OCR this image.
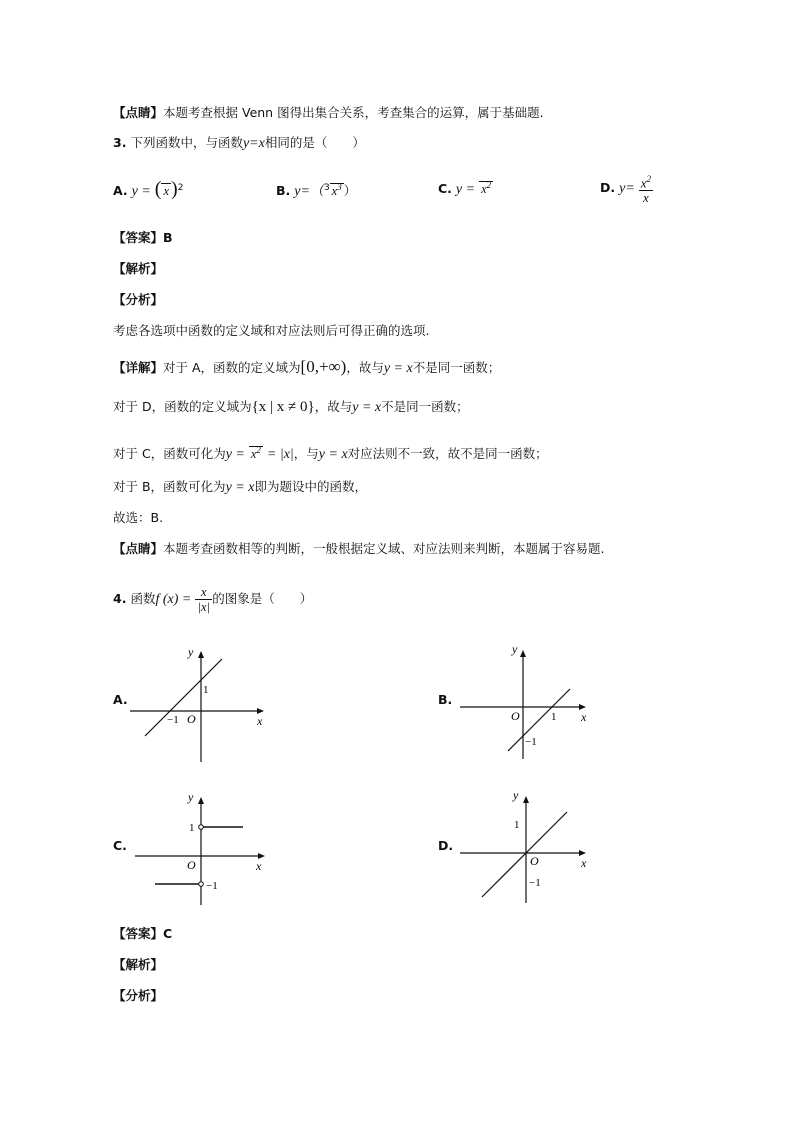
【点睛】本题考查根据 Venn 图得出集合关系，考查集合的运算，属于基础题.
3. 下列函数中，与函数y=x相同的是（　　）
A. y = ( x )$^2$	B. y=（$^3$ $x^3$ ）	C. $y = x^2$	D. $y= \frac{x^2}{x}$
【答案】B
【解析】
【分析】
考虑各选项中函数的定义域和对应法则后可得正确的选项.
【详解】对于 A，函数的定义域为[0,+∞)，故与y = x不是同一函数；
对于 D，函数的定义域为{x | x ≠ 0}，故与y = x不是同一函数；
对于 C，函数可化为$y = x^2 = |x|$，与y = x对应法则不一致，故不是同一函数；
对于 B，函数可化为y = x即为题设中的函数，
故选：B.
【点睛】本题考查函数相等的判断，一般根据定义域、对应法则来判断，本题属于容易题.
4. 函数f $(x) = \frac{x}{|x|}$ 的图象是（　　）
A.
y
x
O
1
−1
B.
y
x
O	1
−1
C.
y
x
O
1
−1
D.
y
x
O
1
−1
【答案】C
【解析】
【分析】
